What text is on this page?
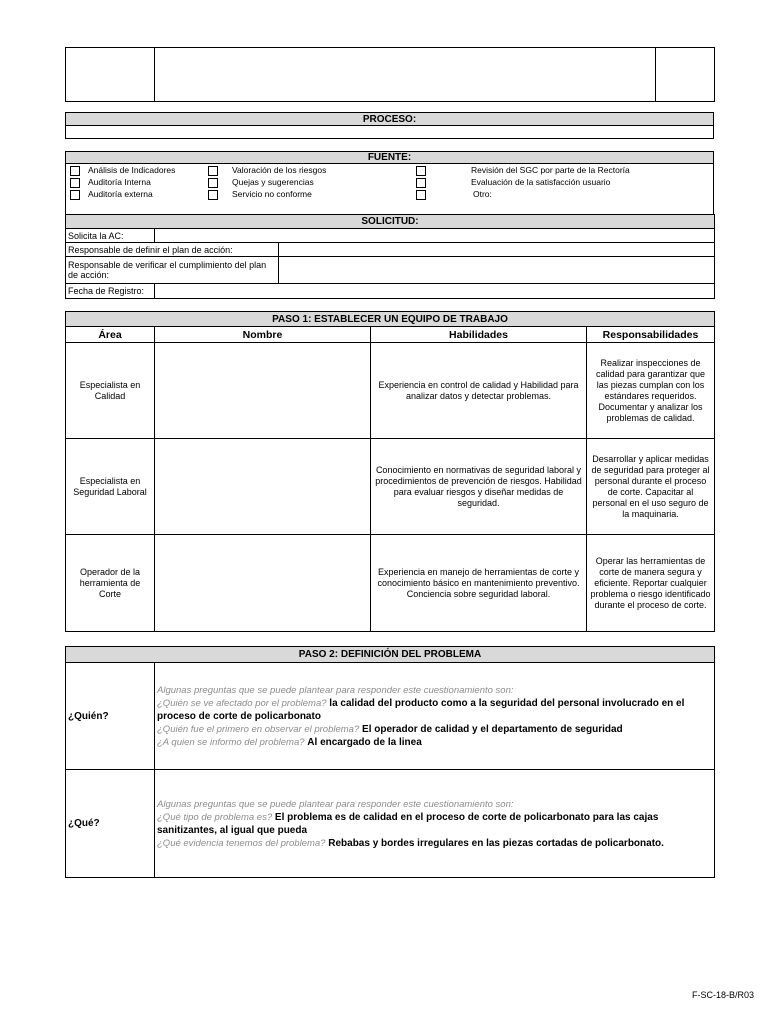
PROCESO:

FUENTE:

Análisis de Indicadores
Auditoría Interna
Auditoría externa
Valoración de los riesgos
Quejas y sugerencias
Servicio no conforme
Revisión del SGC por parte de la Rectoría
Evaluación de la satisfacción usuario
Otro:
SOLICITUD:		
Solicita la AC:		
Responsable de definir el plan de acción:		
Responsable de verificar el cumplimiento del plan de acción:		
Fecha de Registro:		
PASO 1: ESTABLECER UN EQUIPO DE TRABAJO			
Área	Nombre	Habilidades	Responsabilidades
Especialista en Calidad		Experiencia en control de calidad y Habilidad para analizar datos y detectar problemas.	Realizar inspecciones de calidad para garantizar que las piezas cumplan con los estándares requeridos. Documentar y analizar los problemas de calidad.
Especialista en Seguridad Laboral		Conocimiento en normativas de seguridad laboral y procedimientos de prevención de riesgos. Habilidad para evaluar riesgos y diseñar medidas de seguridad.	Desarrollar y aplicar medidas de seguridad para proteger al personal durante el proceso de corte. Capacitar al personal en el uso seguro de la maquinaria.
Operador de la herramienta de Corte		Experiencia en manejo de herramientas de corte y conocimiento básico en mantenimiento preventivo. Conciencia sobre seguridad laboral.	Operar las herramientas de corte de manera segura y eficiente. Reportar cualquier problema o riesgo identificado durante el proceso de corte.
PASO 2: DEFINICIÓN DEL PROBLEMA	
¿Quién?	Algunas preguntas que se puede plantear para responder este cuestionamiento son:
¿Quién se ve afectado por el problema? la calidad del producto como a la seguridad del personal involucrado en el proceso de corte de policarbonato
¿Quién fue el primero en observar el problema? El operador de calidad y el departamento de seguridad
¿A quien se informo del problema? Al encargado de la linea
¿Qué?	Algunas preguntas que se puede plantear para responder este cuestionamiento son:
¿Qué tipo de problema es? El problema es de calidad en el proceso de corte de policarbonato para las cajas sanitizantes, al igual que pueda
¿Qué evidencia tenemos del problema? Rebabas y bordes irregulares en las piezas cortadas de policarbonato.
F-SC-18-B/R03
